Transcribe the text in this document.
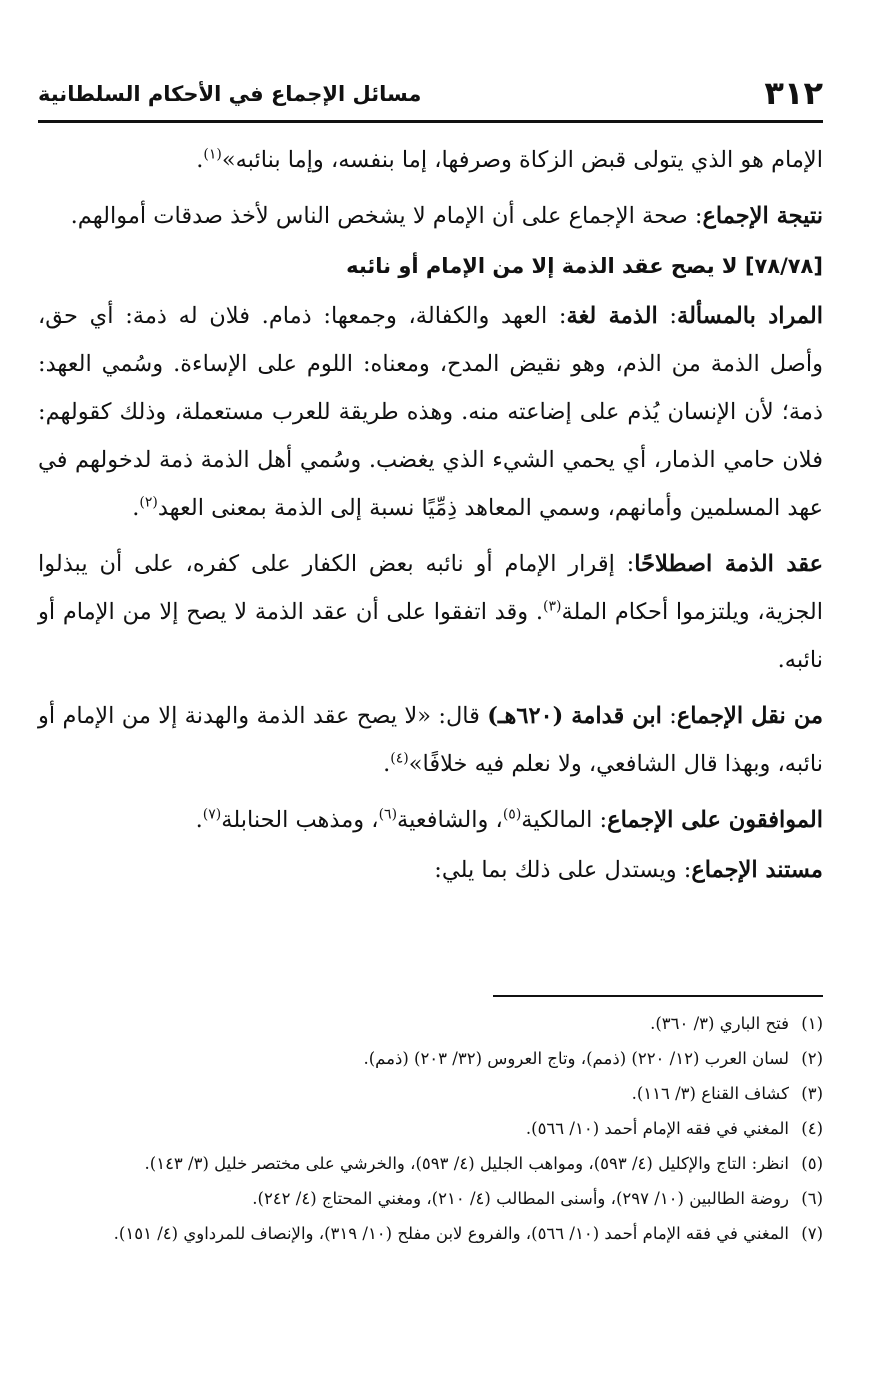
٣١٢
مسائل الإجماع في الأحكام السلطانية

الإمام هو الذي يتولى قبض الزكاة وصرفها، إما بنفسه، وإما بنائبه»$^{(١)}$.

نتيجة الإجماع: صحة الإجماع على أن الإمام لا يشخص الناس لأخذ صدقات أموالهم.

[٧٨/٧٨] لا يصح عقد الذمة إلا من الإمام أو نائبه

المراد بالمسألة: الذمة لغة: العهد والكفالة، وجمعها: ذمام. فلان له ذمة: أي حق، وأصل الذمة من الذم، وهو نقيض المدح، ومعناه: اللوم على الإساءة. وسُمي العهد: ذمة؛ لأن الإنسان يُذم على إضاعته منه. وهذه طريقة للعرب مستعملة، وذلك كقولهم: فلان حامي الذمار، أي يحمي الشيء الذي يغضب. وسُمي أهل الذمة ذمة لدخولهم في عهد المسلمين وأمانهم، وسمي المعاهد ذِمِّيًا نسبة إلى الذمة بمعنى العهد$^{(٢)}$.

عقد الذمة اصطلاحًا: إقرار الإمام أو نائبه بعض الكفار على كفره، على أن يبذلوا الجزية، ويلتزموا أحكام الملة$^{(٣)}$. وقد اتفقوا على أن عقد الذمة لا يصح إلا من الإمام أو نائبه.

من نقل الإجماع: ابن قدامة (٦٢٠هـ) قال: «لا يصح عقد الذمة والهدنة إلا من الإمام أو نائبه، وبهذا قال الشافعي، ولا نعلم فيه خلافًا»$^{(٤)}$.

الموافقون على الإجماع: المالكية$^{(٥)}$، والشافعية$^{(٦)}$، ومذهب الحنابلة$^{(٧)}$.

مستند الإجماع: ويستدل على ذلك بما يلي:

(١)فتح الباري (٣/ ٣٦٠).

(٢)لسان العرب (١٢/ ٢٢٠) (ذمم)، وتاج العروس (٣٢/ ٢٠٣) (ذمم).

(٣)كشاف القناع (٣/ ١١٦).

(٤)المغني في فقه الإمام أحمد (١٠/ ٥٦٦).

(٥)انظر: التاج والإكليل (٤/ ٥٩٣)، ومواهب الجليل (٤/ ٥٩٣)، والخرشي على مختصر خليل (٣/ ١٤٣).

(٦)روضة الطالبين (١٠/ ٢٩٧)، وأسنى المطالب (٤/ ٢١٠)، ومغني المحتاج (٤/ ٢٤٢).

(٧)المغني في فقه الإمام أحمد (١٠/ ٥٦٦)، والفروع لابن مفلح (١٠/ ٣١٩)، والإنصاف للمرداوي (٤/ ١٥١).
